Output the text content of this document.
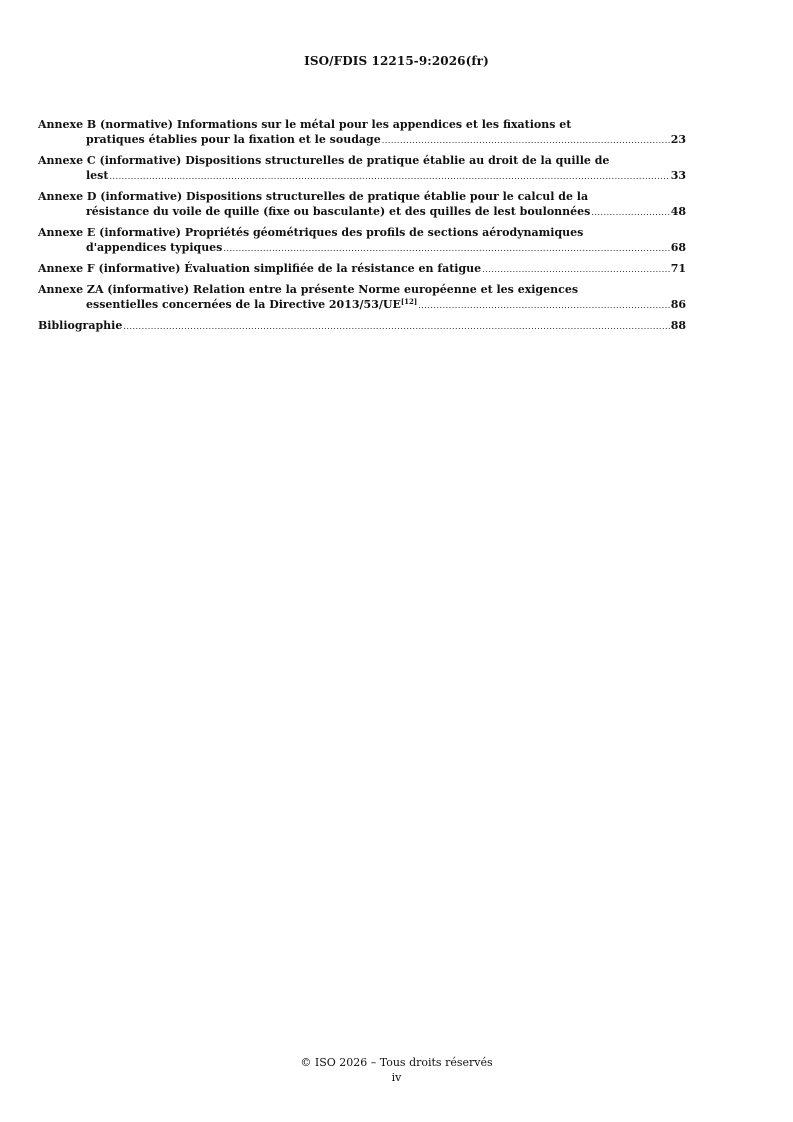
ISO/FDIS 12215-9:2026(fr)
Annexe B (normative) Informations sur le métal pour les appendices et les fixations et
pratiques établies pour la fixation et le soudage .....	23
Annexe C (informative) Dispositions structurelles de pratique établie au droit de la quille de
lest .....	33
Annexe D (informative) Dispositions structurelles de pratique établie pour le calcul de la
résistance du voile de quille (fixe ou basculante) et des quilles de lest boulonnées .....	48
Annexe E (informative) Propriétés géométriques des profils de sections aérodynamiques
d'appendices typiques .....	68
Annexe F (informative) Évaluation simplifiée de la résistance en fatigue .....	71
Annexe ZA (informative) Relation entre la présente Norme européenne et les exigences
essentielles concernées de la Directive 2013/53/UE[12] .....	86
Bibliographie .....	88
© ISO 2026 – Tous droits réservés
iv
